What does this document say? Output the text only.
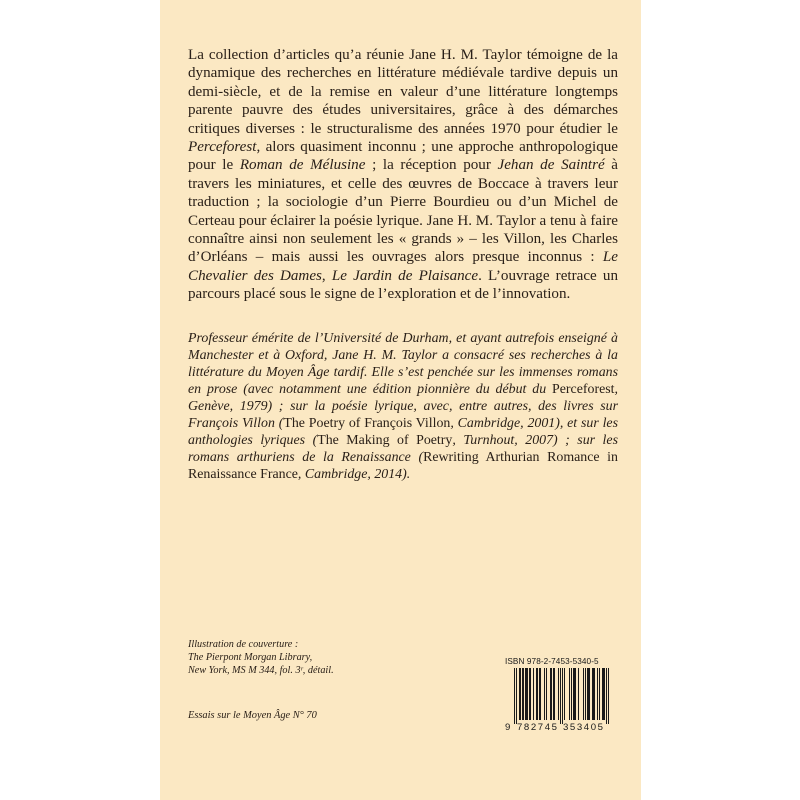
La collection d’articles qu’a réunie Jane H. M. Taylor témoigne de la dynamique des recherches en littérature médiévale tardive depuis un demi-siècle, et de la remise en valeur d’une littérature longtemps parente pauvre des études universitaires, grâce à des démarches critiques diverses : le structuralisme des années 1970 pour étudier le Perceforest, alors quasiment inconnu ; une approche anthropologique pour le Roman de Mélusine ; la réception pour Jehan de Saintré à travers les miniatures, et celle des œuvres de Boccace à travers leur traduction ; la sociologie d’un Pierre Bourdieu ou d’un Michel de Certeau pour éclairer la poésie lyrique. Jane H. M. Taylor a tenu à faire connaître ainsi non seulement les « grands » – les Villon, les Charles d’Orléans – mais aussi les ouvrages alors presque inconnus : Le Chevalier des Dames, Le Jardin de Plaisance. L’ouvrage retrace un parcours placé sous le signe de l’exploration et de l’innovation.
Professeur émérite de l’Université de Durham, et ayant autrefois enseigné à Manchester et à Oxford, Jane H. M. Taylor a consacré ses recherches à la littérature du Moyen Âge tardif. Elle s’est penchée sur les immenses romans en prose (avec notamment une édition pionnière du début du Perceforest, Genève, 1979) ; sur la poésie lyrique, avec, entre autres, des livres sur François Villon (The Poetry of François Villon, Cambridge, 2001), et sur les anthologies lyriques (The Making of Poetry, Turnhout, 2007) ; sur les romans arthuriens de la Renaissance (Rewriting Arthurian Romance in Renaissance France, Cambridge, 2014).
Illustration de couverture :
The Pierpont Morgan Library,
New York, MS M 344, fol. 3ʳ, détail.
Essais sur le Moyen Âge N° 70
ISBN 978-2-7453-5340-5
9 782745 353405
